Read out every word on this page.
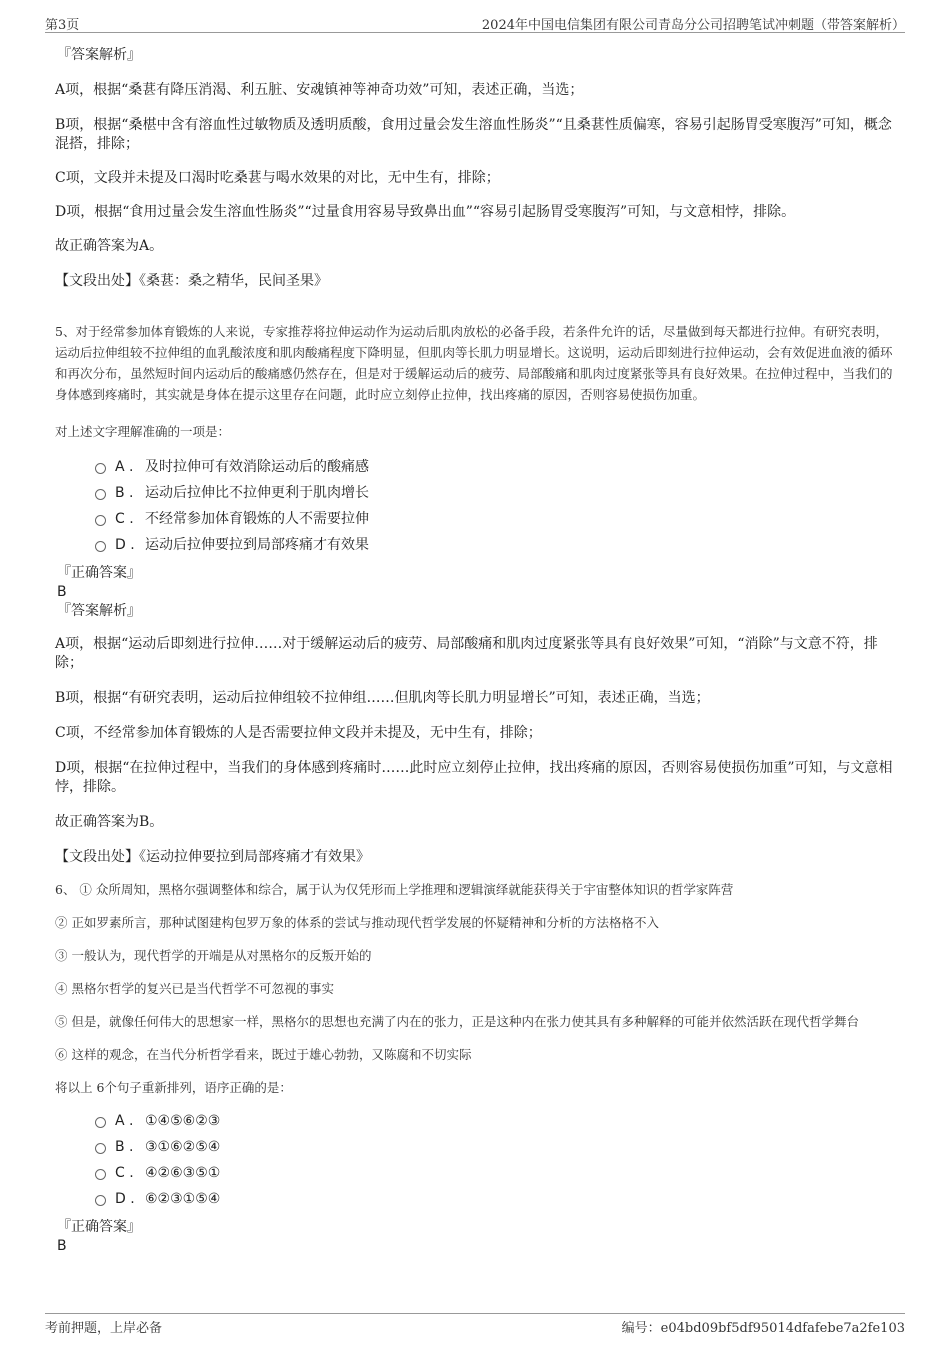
第3页	2024年中国电信集团有限公司青岛分公司招聘笔试冲刺题（带答案解析）

『答案解析』

A项，根据“桑葚有降压消渴、利五脏、安魂镇神等神奇功效”可知，表述正确，当选；

B项，根据“桑椹中含有溶血性过敏物质及透明质酸，食用过量会发生溶血性肠炎”“且桑葚性质偏寒，容易引起肠胃受寒腹泻”可知，概念混搭，排除；

C项，文段并未提及口渴时吃桑葚与喝水效果的对比，无中生有，排除；

D项，根据“食用过量会发生溶血性肠炎”“过量食用容易导致鼻出血”“容易引起肠胃受寒腹泻”可知，与文意相悖，排除。

故正确答案为A。

【文段出处】《桑葚：桑之精华，民间圣果》

5、对于经常参加体育锻炼的人来说，专家推荐将拉伸运动作为运动后肌肉放松的必备手段，若条件允许的话，尽量做到每天都进行拉伸。有研究表明，运动后拉伸组较不拉伸组的血乳酸浓度和肌肉酸痛程度下降明显，但肌肉等长肌力明显增长。这说明，运动后即刻进行拉伸运动，会有效促进血液的循环和再次分布，虽然短时间内运动后的酸痛感仍然存在，但是对于缓解运动后的疲劳、局部酸痛和肌肉过度紧张等具有良好效果。在拉伸过程中，当我们的身体感到疼痛时，其实就是身体在提示这里存在问题，此时应立刻停止拉伸，找出疼痛的原因，否则容易使损伤加重。

对上述文字理解准确的一项是：

A . 及时拉伸可有效消除运动后的酸痛感
B . 运动后拉伸比不拉伸更利于肌肉增长
C . 不经常参加体育锻炼的人不需要拉伸
D . 运动后拉伸要拉到局部疼痛才有效果

『正确答案』

B

『答案解析』

A项，根据“运动后即刻进行拉伸……对于缓解运动后的疲劳、局部酸痛和肌肉过度紧张等具有良好效果”可知，“消除”与文意不符，排除；

B项，根据“有研究表明，运动后拉伸组较不拉伸组……但肌肉等长肌力明显增长”可知，表述正确，当选；

C项，不经常参加体育锻炼的人是否需要拉伸文段并未提及，无中生有，排除；

D项，根据“在拉伸过程中，当我们的身体感到疼痛时……此时应立刻停止拉伸，找出疼痛的原因，否则容易使损伤加重”可知，与文意相悖，排除。

故正确答案为B。

【文段出处】《运动拉伸要拉到局部疼痛才有效果》

6、 ① 众所周知，黑格尔强调整体和综合，属于认为仅凭形而上学推理和逻辑演绎就能获得关于宇宙整体知识的哲学家阵营

② 正如罗素所言，那种试图建构包罗万象的体系的尝试与推动现代哲学发展的怀疑精神和分析的方法格格不入

③ 一般认为，现代哲学的开端是从对黑格尔的反叛开始的

④ 黑格尔哲学的复兴已是当代哲学不可忽视的事实

⑤ 但是，就像任何伟大的思想家一样，黑格尔的思想也充满了内在的张力，正是这种内在张力使其具有多种解释的可能并依然活跃在现代哲学舞台

⑥ 这样的观念，在当代分析哲学看来，既过于雄心勃勃，又陈腐和不切实际

将以上 6个句子重新排列，语序正确的是：

A . ①④⑤⑥②③
B . ③①⑥②⑤④
C . ④②⑥③⑤①
D . ⑥②③①⑤④

『正确答案』

B

考前押题，上岸必备	编号：e04bd09bf5df95014dfafebe7a2fe103
